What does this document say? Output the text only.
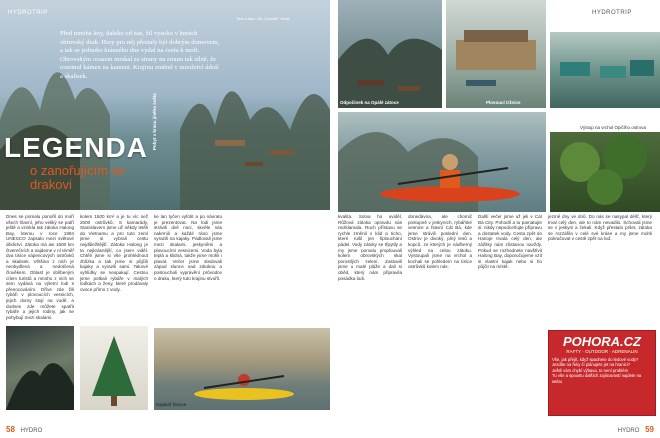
HYDROTRIP
Text a foto: Jiří „Chomič" Hnát
Před mnoha lety, daleko od nás, žil vysoko v horách obrovský drak. Hory pro něj přestaly být dobrým domovem, a tak se jednoho krásného dne vydal na cestu k moři. Obrovským ocasem mrskal ze strany na stranu tak silně, že rozetnul kámen na kameni. Krajinu změnil v množství údolí a skalisek.
LEGENDA
o zanořujícím se drakovi
Pobyt v krasu jiného světa
Dnes se pomalu ponořil do moří všech hlavní, jeho veliký se patří ještě a vznikla tak zátoka Halong Bay, kterou v roce 1994 UNESCO zapsalo mezi světové dědictví. Zátoka má asi 1500 km čtverečních a najdeme v ní téměř dva tisíce vápencových ostrůvků a skalisek. Většina z nich je neobydlená a nedotčená člověkem. Oblast je oblíbeným cílem turistů a mnoho z nich se sem vydává na výletní lodi s přenocováním. Dříve zde žili rybáři v plovoucích vesnicích, jejich domy stojí na vodě, a dodnes zde můžete spatřit rybáře a jejich rodiny, jak se pohybují mezi skalami.
kolem 1500 km² a je tu víc než 2000 ostrůvků. S kamarády, Stanislavem jsme už někdy letěli do Vietnamu a pro tuto zemi jsme si vybrali cestu nejdůležitější. Zátoka Halong je ta nejkrásnější, co jsem viděl. Chtěli jsme si vše prohlédnout zblízka a tak jsme si půjčili kajaky a vyrazili sami. Takové vyhlídky se neopakují. Cestou jsme potkali rybáře v malých loďkách a ženy, které prodávaly ovoce přímo z vody.
ke lan tyčen vyfotit a po návratu je prezentovat. Na lodi jsme strávili dvě noci, skvěle nás nakrmili a každé ráno jsme vyrazili na kajaky. Pádlovali jsme mezi skalami, jeskyněmi a plovoucími vesnicemi. Voda byla teplá a klidná, takže jsme mohli i plavat. Večer jsme sledovali západ slunce nad zátokou a poslouchali vyprávění průvodce o draku, který tuto krajinu stvořil.
Vstupte do jeskyní	Kajakář Slunce
58 HYDRO
HYDROTRIP
Odpočinek na Opálé zátoce	Plovoucí tržnice
Výstup na vrchol Opičího ostrova
kvalita. Sotva ho uviděl, Růžová zátoka opravdu nás nezklamala. Ruch přístavu se rychle změnil v klid a ticho, které rušil jen šplouchání pádel. Vody zátoky se třpytily a my jsme pomalu proplouvali kolem obrovských skal porostlých zelení. Zastavili jsme u malé pláže a dali si oběd, který nám připravila posádka lodi.
donedávna, ale chomič postupně v jeskyních, rybářské vesnice a hlavní Cát Bà, kde jsme strávili poslední den. Ostrov je divoký, plný lesů a kopců, ze kterých je nádherný výhled na celou zátoku. Vystoupali jsme na vrchol a kochali se pohledem na tisíce ostrůvků kolem nás.
Další večer jsme už jeli v Cát Bà City. Pohodlí a tu pamatujte si: nikdy nepodceňujte přípravu a dostatek vody. Cesta zpět do Hanoje trvala celý den, ale zážitky nám zůstanou navždy. Pokud se rozhodnete navštívit Halong Bay, doporučujeme vzít si vlastní kajak nebo si ho půjčit na místě.
jezmě dny ve dnů. Do nás se nasypal déšť, který trval celý den, ale to nám nevadilo. Schovali jsme se v jeskyni a čekali. Když přestalo pršet, zátoka se rozzářila v celé své kráse a my jsme mohli pokračovat v cestě zpět na loď.
POHORA.CZ
RAFTY · OUTDOOR · ADRENALIN
Vše, jak přejít, když spadnete do ledové vody?
Jezdíte na řeky či plánujete jet na hranici?
Ještě vám chybí výbava, to není problém
Tu vše a spoustu dalších zajímavostí najdete na webu
HYDRO 59
